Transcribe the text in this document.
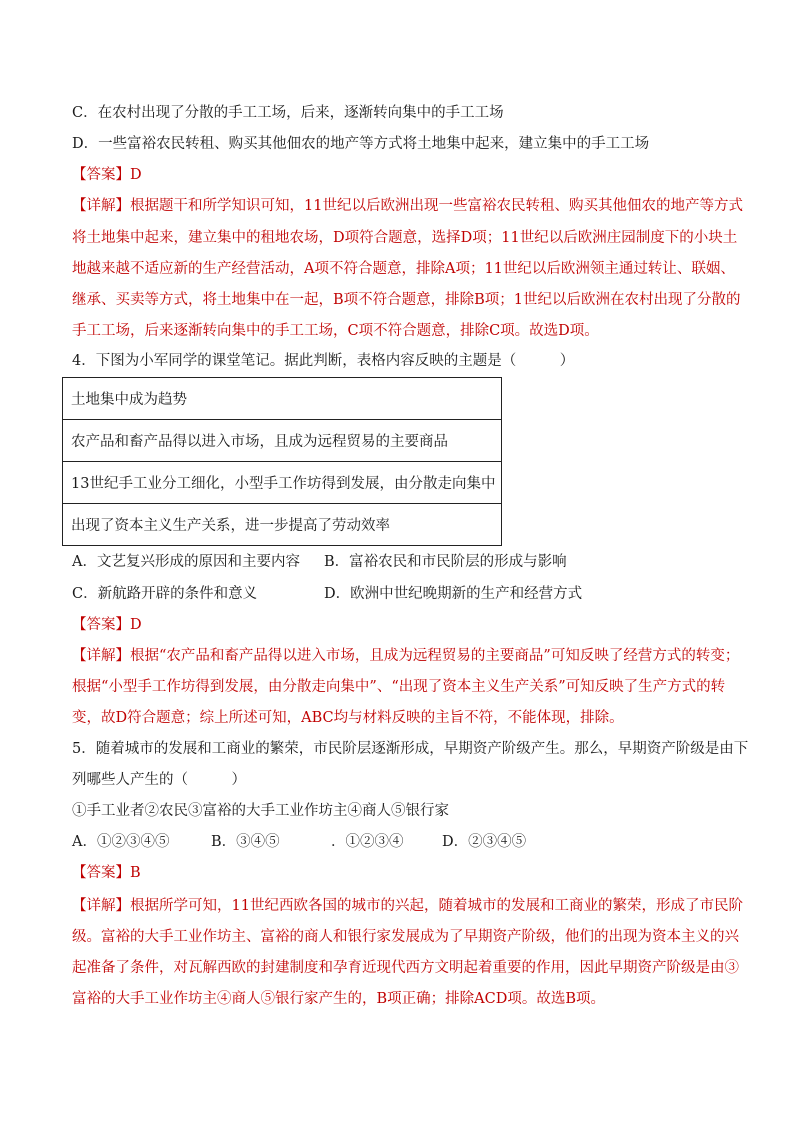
C．在农村出现了分散的手工工场，后来，逐渐转向集中的手工工场
D．一些富裕农民转租、购买其他佃农的地产等方式将土地集中起来，建立集中的手工工场
【答案】D
【详解】根据题干和所学知识可知，11世纪以后欧洲出现一些富裕农民转租、购买其他佃农的地产等方式
将土地集中起来，建立集中的租地农场，D项符合题意，选择D项；11世纪以后欧洲庄园制度下的小块土
地越来越不适应新的生产经营活动，A项不符合题意，排除A项；11世纪以后欧洲领主通过转让、联姻、
继承、买卖等方式，将土地集中在一起，B项不符合题意，排除B项；1世纪以后欧洲在农村出现了分散的
手工工场，后来逐渐转向集中的手工工场，C项不符合题意，排除C项。故选D项。
4．下图为小军同学的课堂笔记。据此判断，表格内容反映的主题是（　　　）
土地集中成为趋势
农产品和畜产品得以进入市场，且成为远程贸易的主要商品
13世纪手工业分工细化，小型手工作坊得到发展，由分散走向集中
出现了资本主义生产关系，进一步提高了劳动效率
A．文艺复兴形成的原因和主要内容 B．富裕农民和市民阶层的形成与影响
C．新航路开辟的条件和意义	D．欧洲中世纪晚期新的生产和经营方式
【答案】D
【详解】根据“农产品和畜产品得以进入市场，且成为远程贸易的主要商品”可知反映了经营方式的转变；
根据“小型手工作坊得到发展，由分散走向集中”、“出现了资本主义生产关系”可知反映了生产方式的转
变，故D符合题意；综上所述可知，ABC均与材料反映的主旨不符，不能体现，排除。
5．随着城市的发展和工商业的繁荣，市民阶层逐渐形成，早期资产阶级产生。那么，早期资产阶级是由下
列哪些人产生的（　　　）
①手工业者②农民③富裕的大手工业作坊主④商人⑤银行家
A．①②③④⑤	B．③④⑤	．①②③④	D．②③④⑤
【答案】B
【详解】根据所学可知，11世纪西欧各国的城市的兴起，随着城市的发展和工商业的繁荣，形成了市民阶
级。富裕的大手工业作坊主、富裕的商人和银行家发展成为了早期资产阶级，他们的出现为资本主义的兴
起准备了条件，对瓦解西欧的封建制度和孕育近现代西方文明起着重要的作用，因此早期资产阶级是由③
富裕的大手工业作坊主④商人⑤银行家产生的，B项正确；排除ACD项。故选B项。
